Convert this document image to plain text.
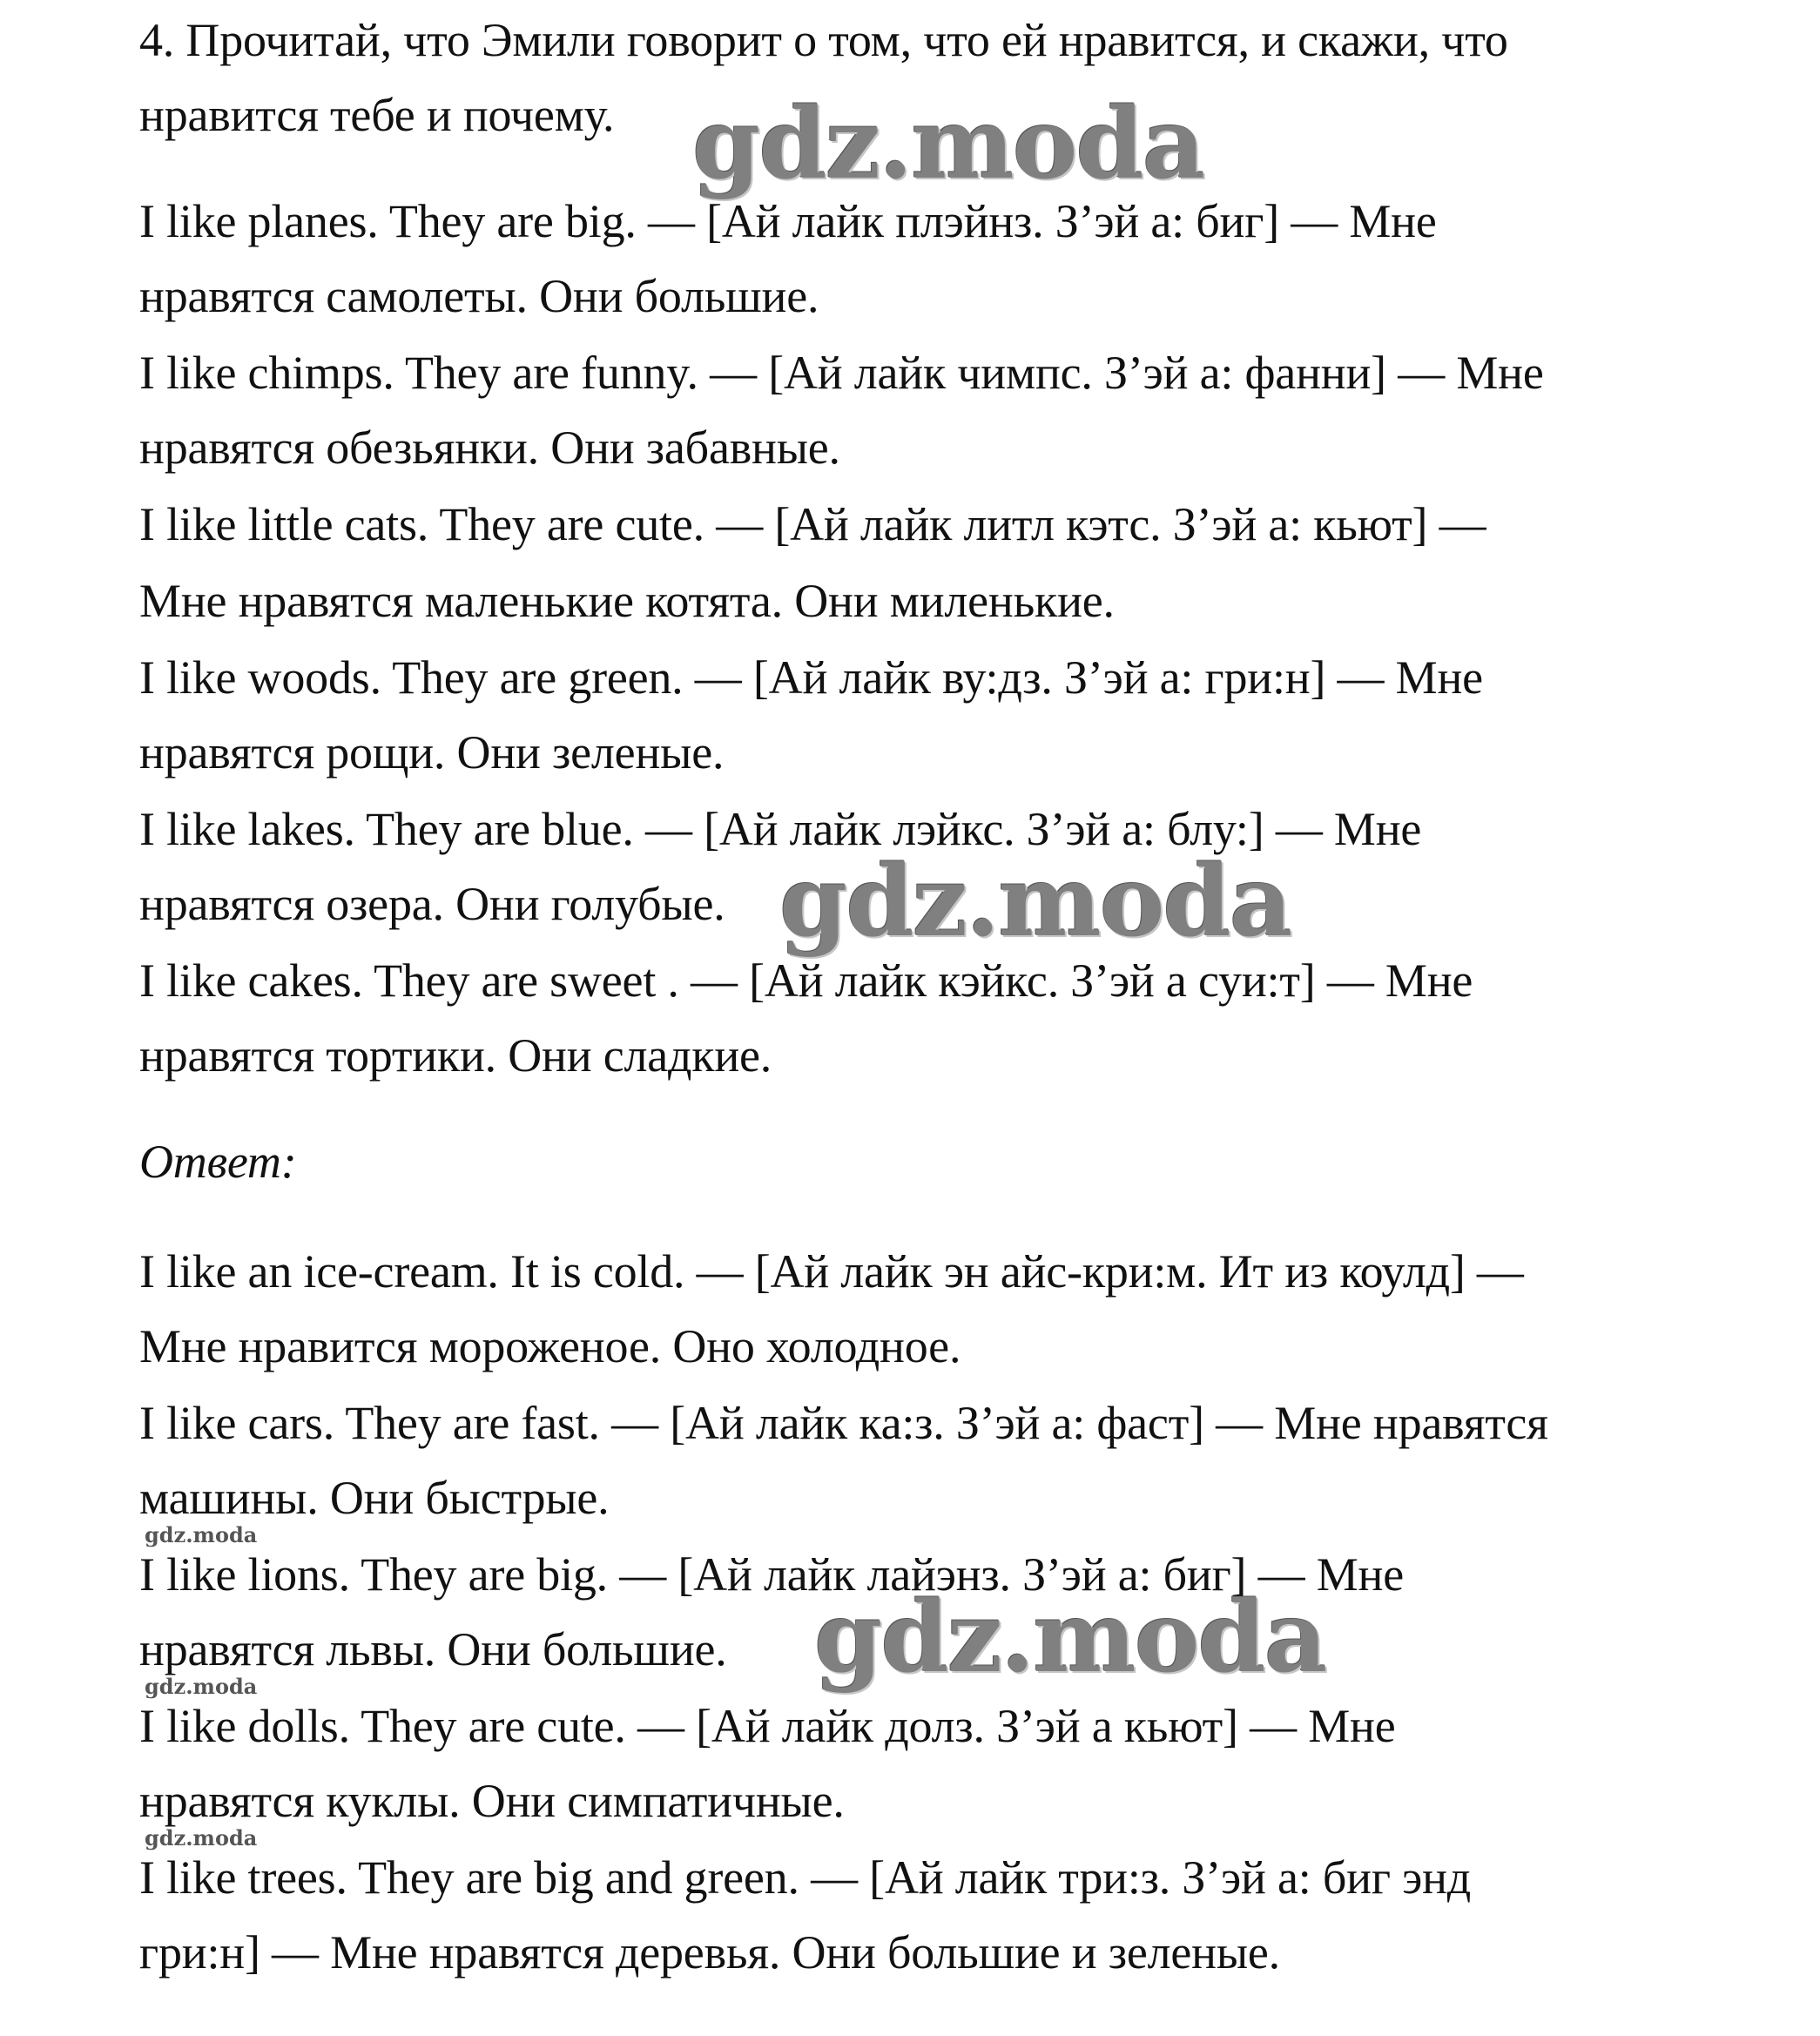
4. Прочитай, что Эмили говорит о том, что ей нравится, и скажи, что
нравится тебе и почему.
I like planes. They are big. — [Ай лайк плэйнз. З’эй а: биг] — Мне
нравятся самолеты. Они большие.
I like chimps. They are funny. — [Ай лайк чимпс. З’эй а: фанни] — Мне
нравятся обезьянки. Они забавные.
I like little cats. They are cute. — [Ай лайк литл кэтс. З’эй а: кьют] —
Мне нравятся маленькие котята. Они миленькие.
I like woods. They are green. — [Ай лайк ву:дз. З’эй а: гри:н] — Мне
нравятся рощи. Они зеленые.
I like lakes. They are blue. — [Ай лайк лэйкс. З’эй а: блу:] — Мне
нравятся озера. Они голубые.
I like cakes. They are sweet . — [Ай лайк кэйкс. З’эй а суи:т] — Мне
нравятся тортики. Они сладкие.
Ответ:
I like an ice-cream. It is cold. — [Ай лайк эн айс-кри:м. Ит из коулд] —
Мне нравится мороженое. Оно холодное.
I like cars. They are fast. — [Ай лайк ка:з. З’эй а: фаст] — Мне нравятся
машины. Они быстрые.
I like lions. They are big. — [Ай лайк лайэнз. З’эй а: биг] — Мне
нравятся львы. Они большие.
I like dolls. They are cute. — [Ай лайк долз. З’эй а кьют] — Мне
нравятся куклы. Они симпатичные.
I like trees. They are big and green. — [Ай лайк три:з. З’эй а: биг энд
гри:н] — Мне нравятся деревья. Они большие и зеленые.
gdz.moda
gdz.moda
gdz.moda
gdz.moda
gdz.moda
gdz.moda
